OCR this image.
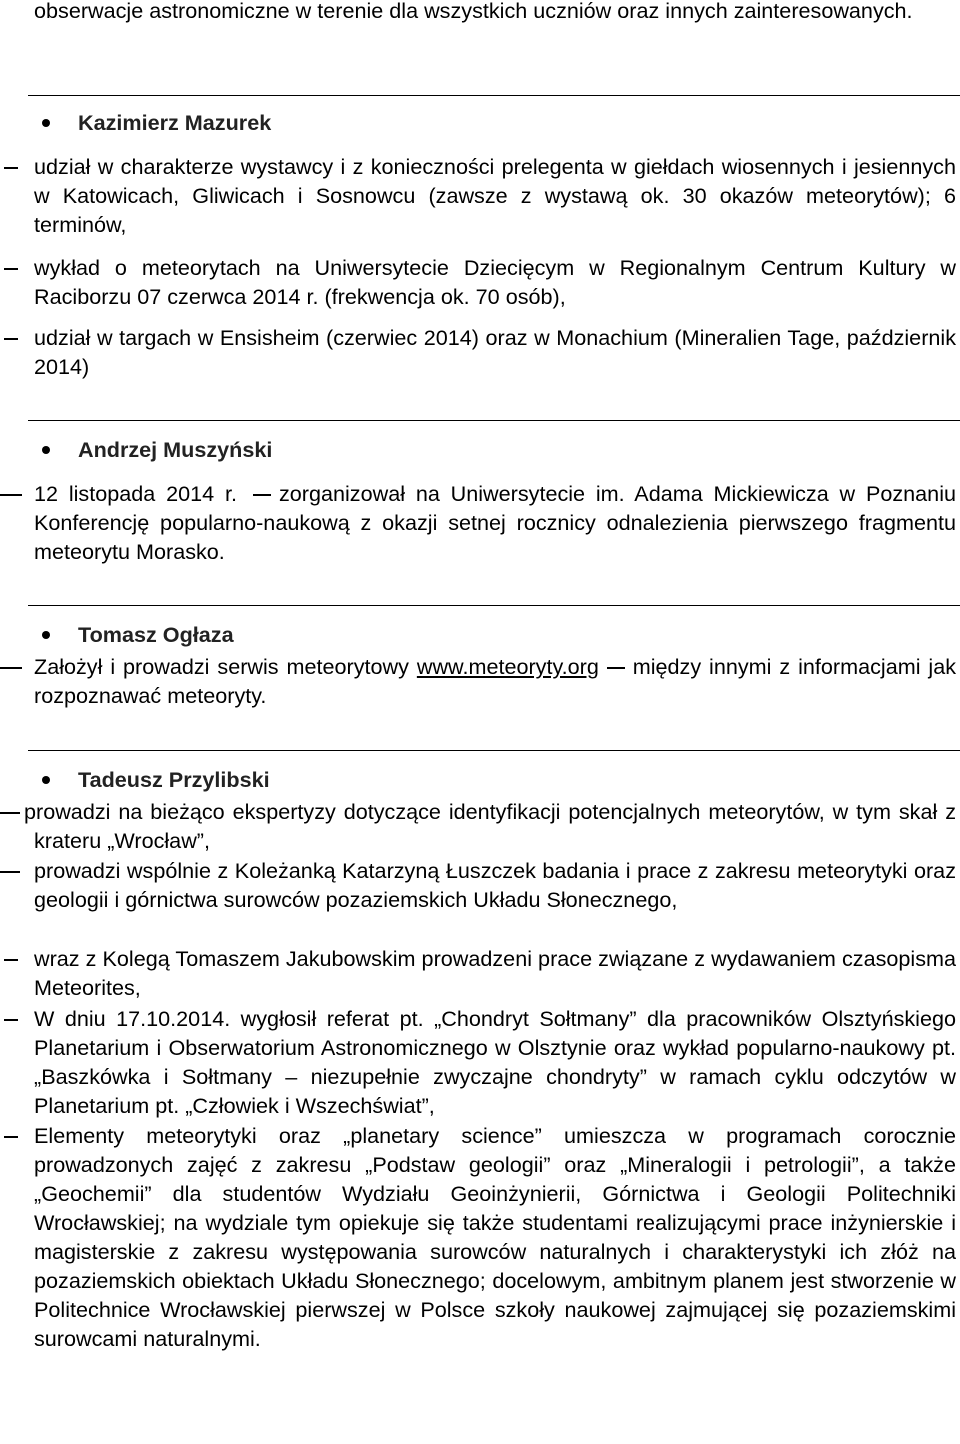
obserwacje astronomiczne w terenie dla wszystkich uczniów oraz innych zainteresowanych.
Kazimierz Mazurek
udział w charakterze wystawcy i z konieczności prelegenta w giełdach wiosennych i jesiennych w Katowicach, Gliwicach i Sosnowcu (zawsze z wystawą ok. 30 okazów meteorytów); 6 terminów,
wykład o meteorytach na Uniwersytecie Dziecięcym w Regionalnym Centrum Kultury w Raciborzu 07 czerwca 2014 r. (frekwencja ok. 70 osób),
udział w targach w Ensisheim (czerwiec 2014) oraz w Monachium (Mineralien Tage, październik 2014)
Andrzej Muszyński
12 listopada 2014 r. zorganizował na Uniwersytecie im. Adama Mickiewicza w Poznaniu Konferencję popularno-naukową z okazji setnej rocznicy odnalezienia pierwszego fragmentu meteorytu Morasko.
Tomasz Ogłaza
Założył i prowadzi serwis meteorytowy www.meteoryty.org między innymi z informacjami jak rozpoznawać meteoryty.
Tadeusz Przylibski
prowadzi na bieżąco ekspertyzy dotyczące identyfikacji potencjalnych meteorytów, w tym skał z krateru „Wrocław”,
prowadzi wspólnie z Koleżanką Katarzyną Łuszczek badania i prace z zakresu meteorytyki oraz geologii i górnictwa surowców pozaziemskich Układu Słonecznego,
wraz z Kolegą Tomaszem Jakubowskim prowadzeni prace związane z wydawaniem czasopisma Meteorites,
W dniu 17.10.2014. wygłosił referat pt. „Chondryt Sołtmany” dla pracowników Olsztyńskiego Planetarium i Obserwatorium Astronomicznego w Olsztynie oraz wykład popularno-naukowy pt. „Baszkówka i Sołtmany – niezupełnie zwyczajne chondryty” w ramach cyklu odczytów w Planetarium pt. „Człowiek i Wszechświat”,
Elementy meteorytyki oraz „planetary science” umieszcza w programach corocznie prowadzonych zajęć z zakresu „Podstaw geologii” oraz „Mineralogii i petrologii”, a także „Geochemii” dla studentów Wydziału Geoinżynierii, Górnictwa i Geologii Politechniki Wrocławskiej; na wydziale tym opiekuje się także studentami realizującymi prace inżynierskie i magisterskie z zakresu występowania surowców naturalnych i charakterystyki ich złóż na pozaziemskich obiektach Układu Słonecznego; docelowym, ambitnym planem jest stworzenie w Politechnice Wrocławskiej pierwszej w Polsce szkoły naukowej zajmującej się pozaziemskimi surowcami naturalnymi.
